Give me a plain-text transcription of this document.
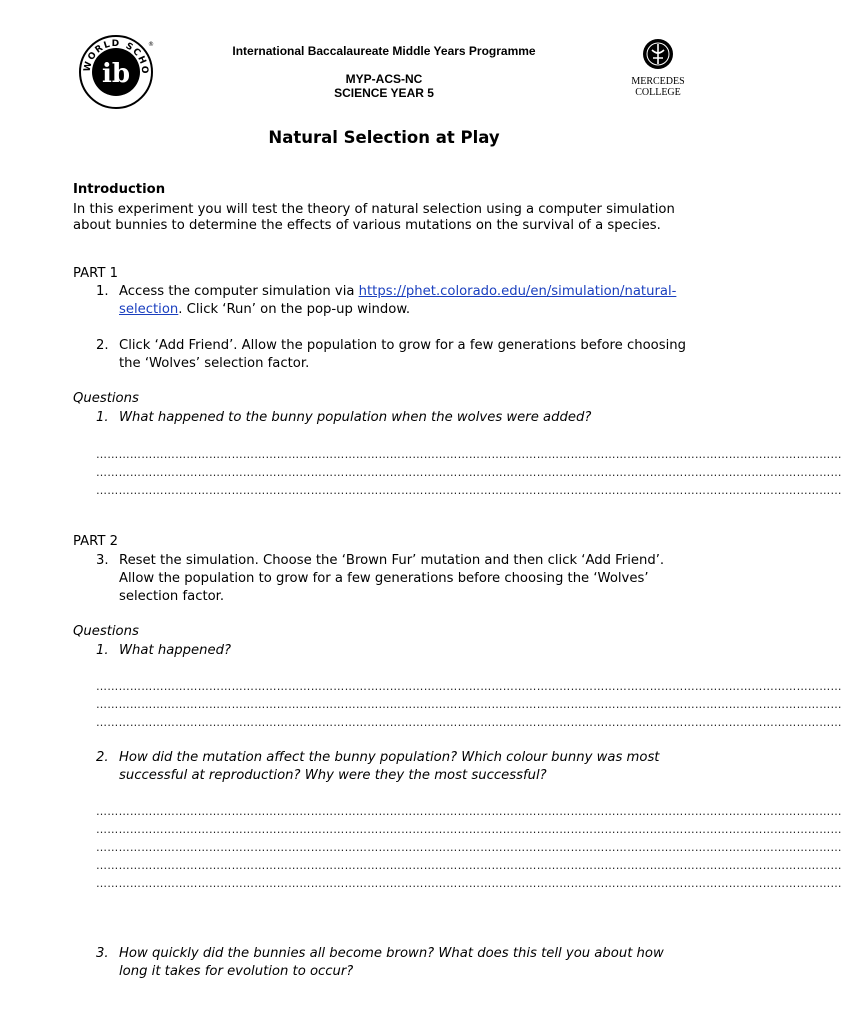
WORLD SCHO
ib
®	International Baccalaureate Middle Years Programme
MYP-ACS-NC
SCIENCE YEAR 5
MERCEDES
COLLEGE
Natural Selection at Play
Introduction
In this experiment you will test the theory of natural selection using a computer simulation about bunnies to determine the effects of various mutations on the survival of a species.
PART 1
1. Access the computer simulation via https://phet.colorado.edu/en/simulation/natural-selection. Click ‘Run’ on the pop-up window.
2. Click ‘Add Friend’. Allow the population to grow for a few generations before choosing the ‘Wolves’ selection factor.
Questions
1. What happened to the bunny population when the wolves were added?
………………………………………………………………………………………………………………………………………………………………………………
………………………………………………………………………………………………………………………………………………………………………………
………………………………………………………………………………………………………………………………………………………………………………
PART 2
3. Reset the simulation. Choose the ‘Brown Fur’ mutation and then click ‘Add Friend’. Allow the population to grow for a few generations before choosing the ‘Wolves’ selection factor.
Questions
1. What happened?
………………………………………………………………………………………………………………………………………………………………………………
………………………………………………………………………………………………………………………………………………………………………………
………………………………………………………………………………………………………………………………………………………………………………
2. How did the mutation affect the bunny population? Which colour bunny was most successful at reproduction? Why were they the most successful?
………………………………………………………………………………………………………………………………………………………………………………
………………………………………………………………………………………………………………………………………………………………………………
………………………………………………………………………………………………………………………………………………………………………………
………………………………………………………………………………………………………………………………………………………………………………
………………………………………………………………………………………………………………………………………………………………………………
3. How quickly did the bunnies all become brown? What does this tell you about how long it takes for evolution to occur?
